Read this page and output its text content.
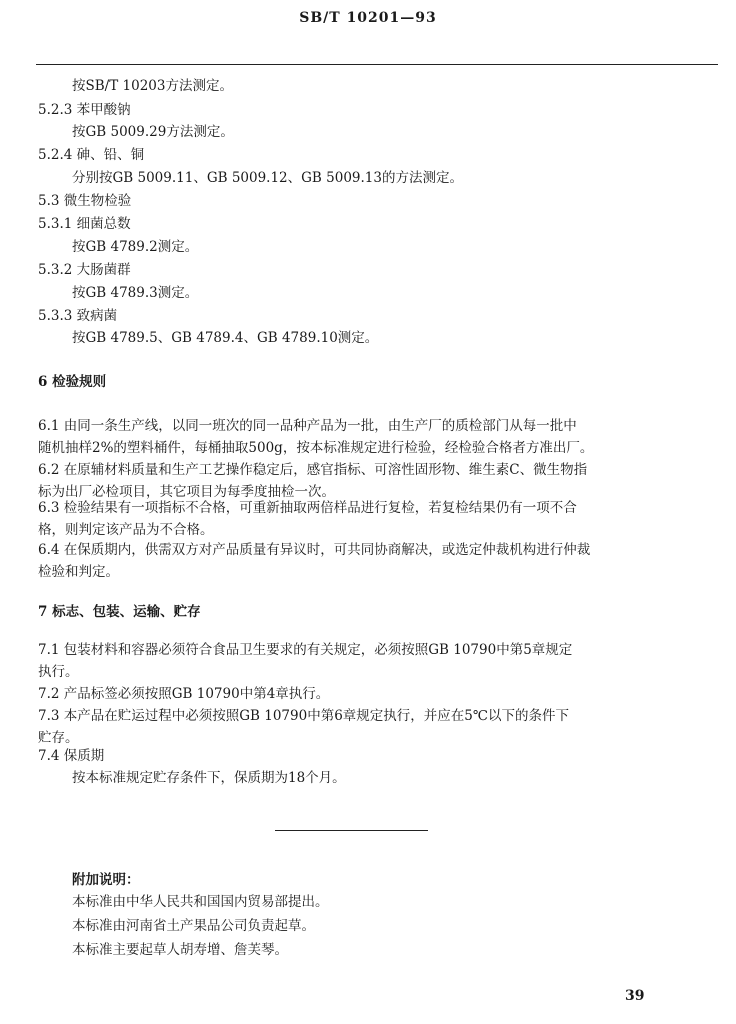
SB/T 10201—93
按SB/T 10203方法测定。
5.2.3 苯甲酸钠
按GB 5009.29方法测定。
5.2.4 砷、铅、铜
分别按GB 5009.11、GB 5009.12、GB 5009.13的方法测定。
5.3 微生物检验
5.3.1 细菌总数
按GB 4789.2测定。
5.3.2 大肠菌群
按GB 4789.3测定。
5.3.3 致病菌
按GB 4789.5、GB 4789.4、GB 4789.10测定。
6 检验规则
6.1 由同一条生产线，以同一班次的同一品种产品为一批，由生产厂的质检部门从每一批中
随机抽样2%的塑料桶件，每桶抽取500g，按本标准规定进行检验，经检验合格者方准出厂。
6.2 在原辅材料质量和生产工艺操作稳定后，感官指标、可溶性固形物、维生素C、微生物指
标为出厂必检项目，其它项目为每季度抽检一次。
6.3 检验结果有一项指标不合格，可重新抽取两倍样品进行复检，若复检结果仍有一项不合
格，则判定该产品为不合格。
6.4 在保质期内，供需双方对产品质量有异议时，可共同协商解决，或选定仲裁机构进行仲裁
检验和判定。
7 标志、包装、运输、贮存
7.1 包装材料和容器必须符合食品卫生要求的有关规定，必须按照GB 10790中第5章规定
执行。
7.2 产品标签必须按照GB 10790中第4章执行。
7.3 本产品在贮运过程中必须按照GB 10790中第6章规定执行，并应在5℃以下的条件下
贮存。
7.4 保质期
按本标准规定贮存条件下，保质期为18个月。
附加说明：
本标准由中华人民共和国国内贸易部提出。
本标准由河南省土产果品公司负责起草。
本标准主要起草人胡寿增、詹芙琴。
39
